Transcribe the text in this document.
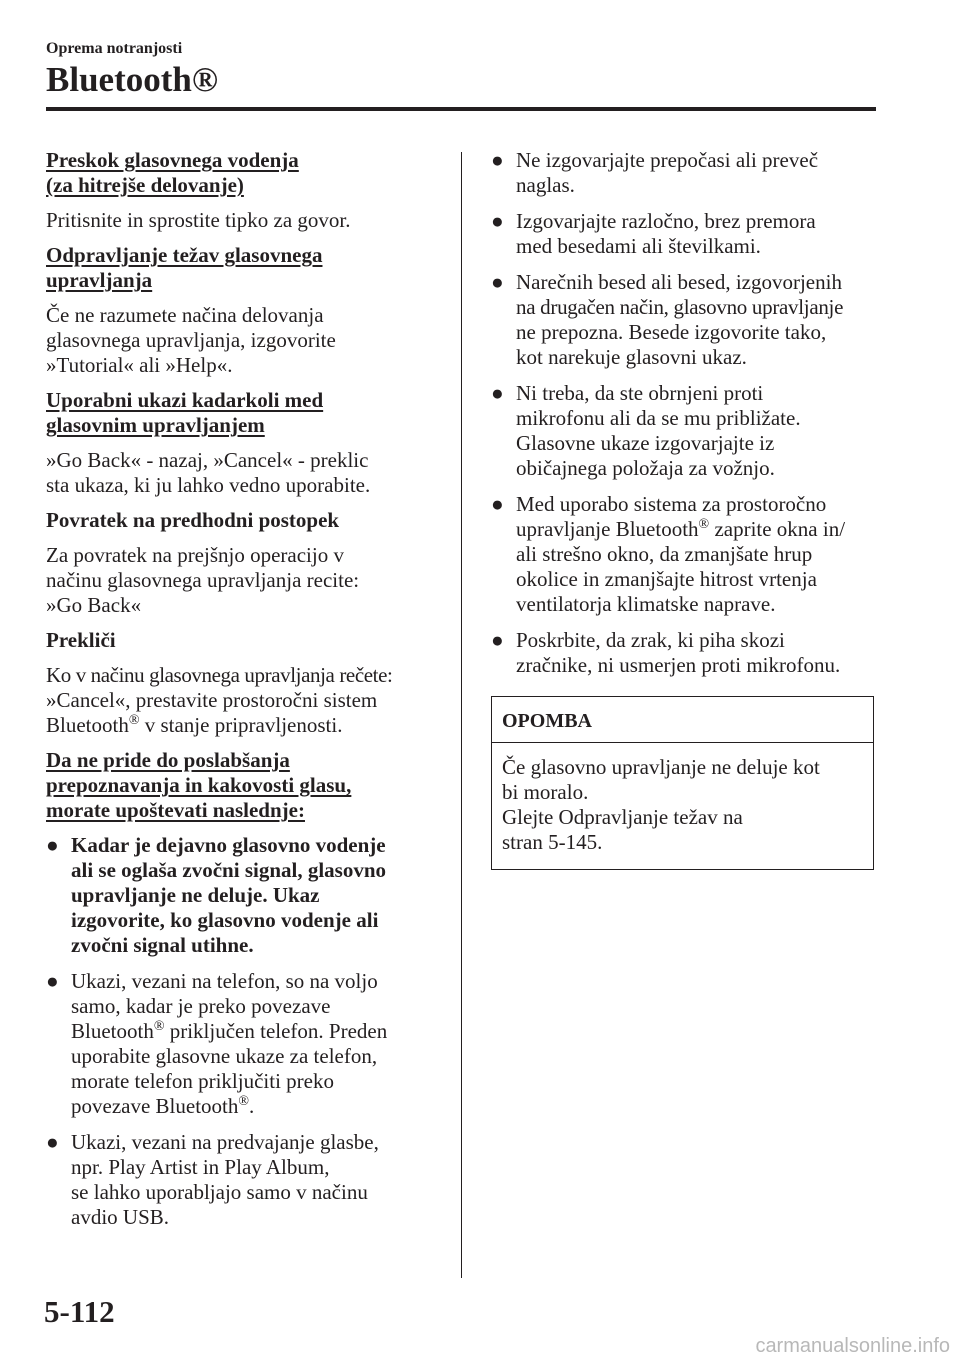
Oprema notranjosti
Bluetooth®
Preskok glasovnega vodenja
(za hitrejše delovanje)
Pritisnite in sprostite tipko za govor.
Odpravljanje težav glasovnega
upravljanja
Če ne razumete načina delovanja
glasovnega upravljanja, izgovorite
»Tutorial« ali »Help«.
Uporabni ukazi kadarkoli med
glasovnim upravljanjem
»Go Back« - nazaj, »Cancel« - preklic
sta ukaza, ki ju lahko vedno uporabite.
Povratek na predhodni postopek
Za povratek na prejšnjo operacijo v
načinu glasovnega upravljanja recite:
»Go Back«
Prekliči
Ko v načinu glasovnega upravljanja rečete:
»Cancel«, prestavite prostoročni sistem
Bluetooth® v stanje pripravljenosti.
Da ne pride do poslabšanja
prepoznavanja in kakovosti glasu,
morate upoštevati naslednje:
● Kadar je dejavno glasovno vodenje
ali se oglaša zvočni signal, glasovno
upravljanje ne deluje. Ukaz
izgovorite, ko glasovno vodenje ali
zvočni signal utihne.
● Ukazi, vezani na telefon, so na voljo
samo, kadar je preko povezave
Bluetooth® priključen telefon. Preden
uporabite glasovne ukaze za telefon,
morate telefon priključiti preko
povezave Bluetooth®.
● Ukazi, vezani na predvajanje glasbe,
npr. Play Artist in Play Album,
se lahko uporabljajo samo v načinu
avdio USB.
● Ne izgovarjajte prepočasi ali preveč
naglas.
● Izgovarjajte razločno, brez premora
med besedami ali številkami.
● Narečnih besed ali besed, izgovorjenih
na drugačen način, glasovno upravljanje
ne prepozna. Besede izgovorite tako,
kot narekuje glasovni ukaz.
● Ni treba, da ste obrnjeni proti
mikrofonu ali da se mu približate.
Glasovne ukaze izgovarjajte iz
običajnega položaja za vožnjo.
● Med uporabo sistema za prostoročno
upravljanje Bluetooth® zaprite okna in/
ali strešno okno, da zmanjšate hrup
okolice in zmanjšajte hitrost vrtenja
ventilatorja klimatske naprave.
● Poskrbite, da zrak, ki piha skozi
zračnike, ni usmerjen proti mikrofonu.
OPOMBA
Če glasovno upravljanje ne deluje kot
bi moralo.
Glejte Odpravljanje težav na
stran 5-145.
5-112
carmanualsonline.info
